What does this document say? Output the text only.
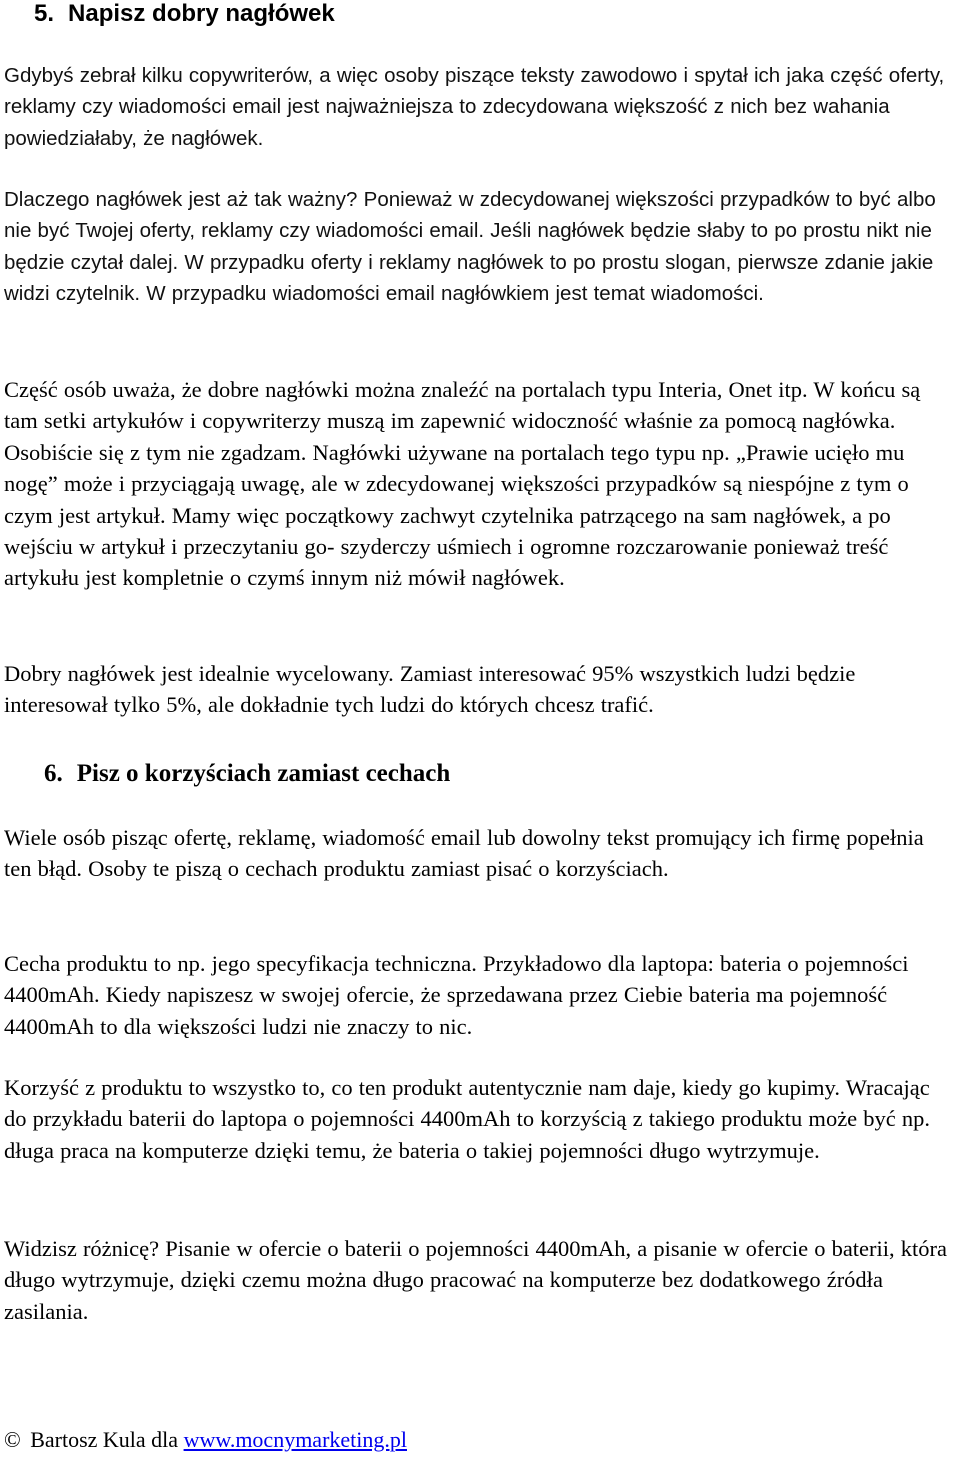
5. Napisz dobry nagłówek

Gdybyś zebrał kilku copywriterów, a więc osoby piszące teksty zawodowo i spytał ich jaka część oferty, reklamy czy wiadomości email jest najważniejsza to zdecydowana większość z nich bez wahania powiedziałaby, że nagłówek.

Dlaczego nagłówek jest aż tak ważny? Ponieważ w zdecydowanej większości przypadków to być albo nie być Twojej oferty, reklamy czy wiadomości email. Jeśli nagłówek będzie słaby to po prostu nikt nie będzie czytał dalej. W przypadku oferty i reklamy nagłówek to po prostu slogan, pierwsze zdanie jakie widzi czytelnik. W przypadku wiadomości email nagłówkiem jest temat wiadomości.

Część osób uważa, że dobre nagłówki można znaleźć na portalach typu Interia, Onet itp. W końcu są tam setki artykułów i copywriterzy muszą im zapewnić widoczność właśnie za pomocą nagłówka. Osobiście się z tym nie zgadzam. Nagłówki używane na portalach tego typu np. „Prawie ucięło mu nogę” może i przyciągają uwagę, ale w zdecydowanej większości przypadków są niespójne z tym o czym jest artykuł. Mamy więc początkowy zachwyt czytelnika patrzącego na sam nagłówek, a po wejściu w artykuł i przeczytaniu go- szyderczy uśmiech i ogromne rozczarowanie ponieważ treść artykułu jest kompletnie o czymś innym niż mówił nagłówek.

Dobry nagłówek jest idealnie wycelowany. Zamiast interesować 95% wszystkich ludzi będzie interesował tylko 5%, ale dokładnie tych ludzi do których chcesz trafić.

6. Pisz o korzyściach zamiast cechach

Wiele osób pisząc ofertę, reklamę, wiadomość email lub dowolny tekst promujący ich firmę popełnia ten błąd. Osoby te piszą o cechach produktu zamiast pisać o korzyściach.

Cecha produktu to np. jego specyfikacja techniczna. Przykładowo dla laptopa: bateria o pojemności 4400mAh. Kiedy napiszesz w swojej ofercie, że sprzedawana przez Ciebie bateria ma pojemność 4400mAh to dla większości ludzi nie znaczy to nic.

Korzyść z produktu to wszystko to, co ten produkt autentycznie nam daje, kiedy go kupimy. Wracając do przykładu baterii do laptopa o pojemności 4400mAh to korzyścią z takiego produktu może być np. długa praca na komputerze dzięki temu, że bateria o takiej pojemności długo wytrzymuje.

Widzisz różnicę? Pisanie w ofercie o baterii o pojemności 4400mAh, a pisanie w ofercie o baterii, która długo wytrzymuje, dzięki czemu można długo pracować na komputerze bez dodatkowego źródła zasilania.

© Bartosz Kula dla www.mocnymarketing.pl
